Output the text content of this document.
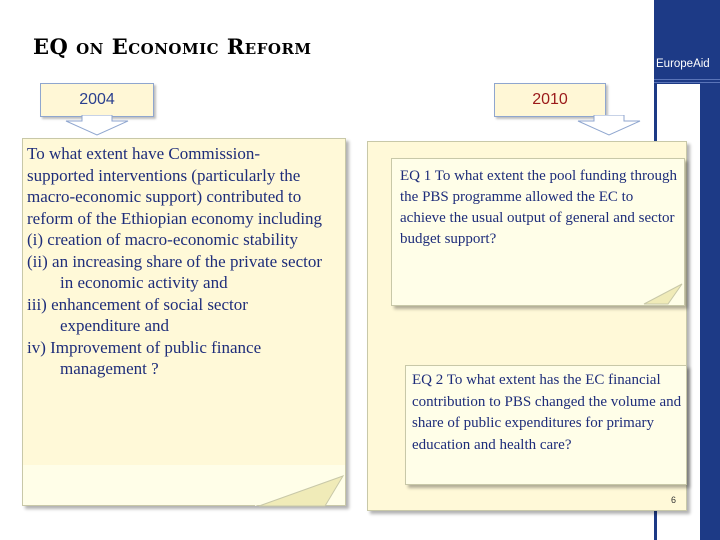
EQ on Economic Reform
EuropeAid
2004	2010
To what extent have Commission-supported interventions (particularly the macro-economic support) contributed to reform of the Ethiopian economy including
(i) creation of macro-economic stability
(ii) an increasing share of the private sector in economic activity and
iii) enhancement of social sector expenditure and
iv) Improvement of public finance management ?
EQ 1 To what extent the pool funding through the PBS programme allowed the EC to achieve the usual output of general and sector budget support?
EQ 2 To what extent has the EC financial contribution to PBS changed the volume and share of public expenditures for primary education and health care?
6
